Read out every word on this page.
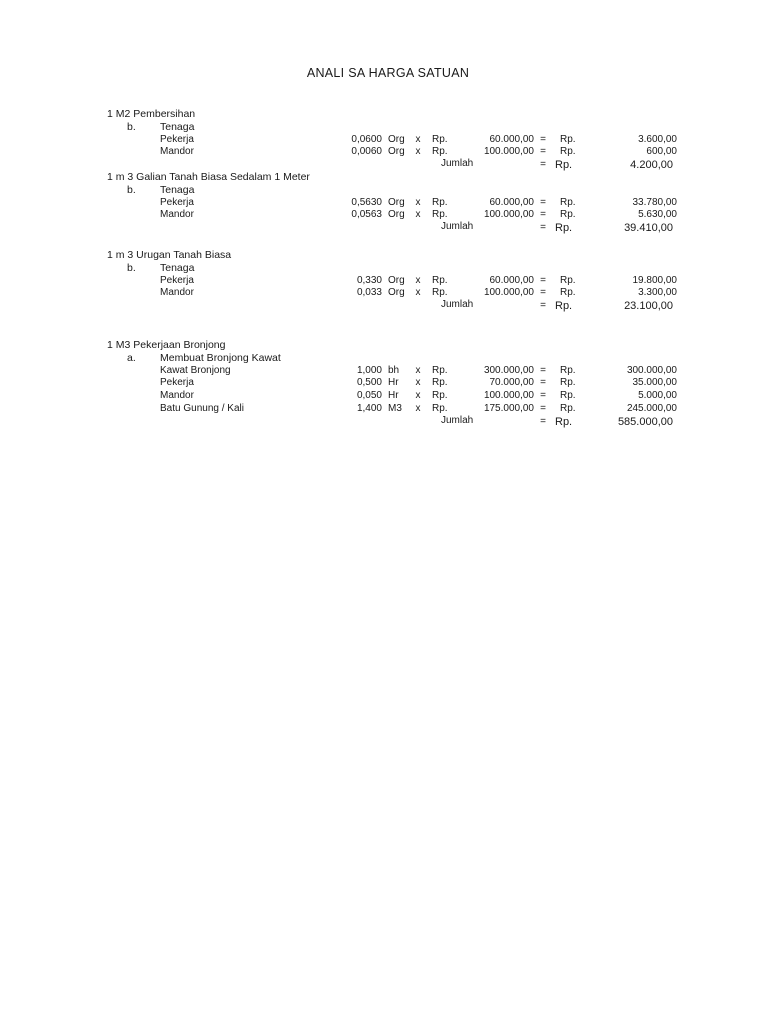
ANALI SA HARGA SATUAN
1 M2 Pembersihan
b. Tenaga
Pekerja	0,0600 Org	x	Rp.	60.000,00 =	Rp.	3.600,00
Mandor	0,0060 Org	x	Rp.	100.000,00 =	Rp.	600,00
Jumlah	= Rp.	4.200,00
1 m 3 Galian Tanah Biasa Sedalam 1 Meter
b. Tenaga
Pekerja	0,5630 Org	x	Rp.	60.000,00 =	Rp.	33.780,00
Mandor	0,0563 Org	x	Rp.	100.000,00 =	Rp.	5.630,00
Jumlah	= Rp.	39.410,00
1 m 3 Urugan Tanah Biasa
b. Tenaga
Pekerja	0,330 Org	x	Rp.	60.000,00 =	Rp.	19.800,00
Mandor	0,033 Org	x	Rp.	100.000,00 =	Rp.	3.300,00
Jumlah	= Rp.	23.100,00
1 M3 Pekerjaan Bronjong
a. Membuat Bronjong Kawat
Kawat Bronjong	1,000 bh	x	Rp.	300.000,00 =	Rp.	300.000,00
Pekerja	0,500 Hr	x	Rp.	70.000,00 =	Rp.	35.000,00
Mandor	0,050 Hr	x	Rp.	100.000,00 =	Rp.	5.000,00
Batu Gunung / Kali	1,400 M3	x	Rp.	175.000,00 =	Rp.	245.000,00
Jumlah	= Rp.	585.000,00
